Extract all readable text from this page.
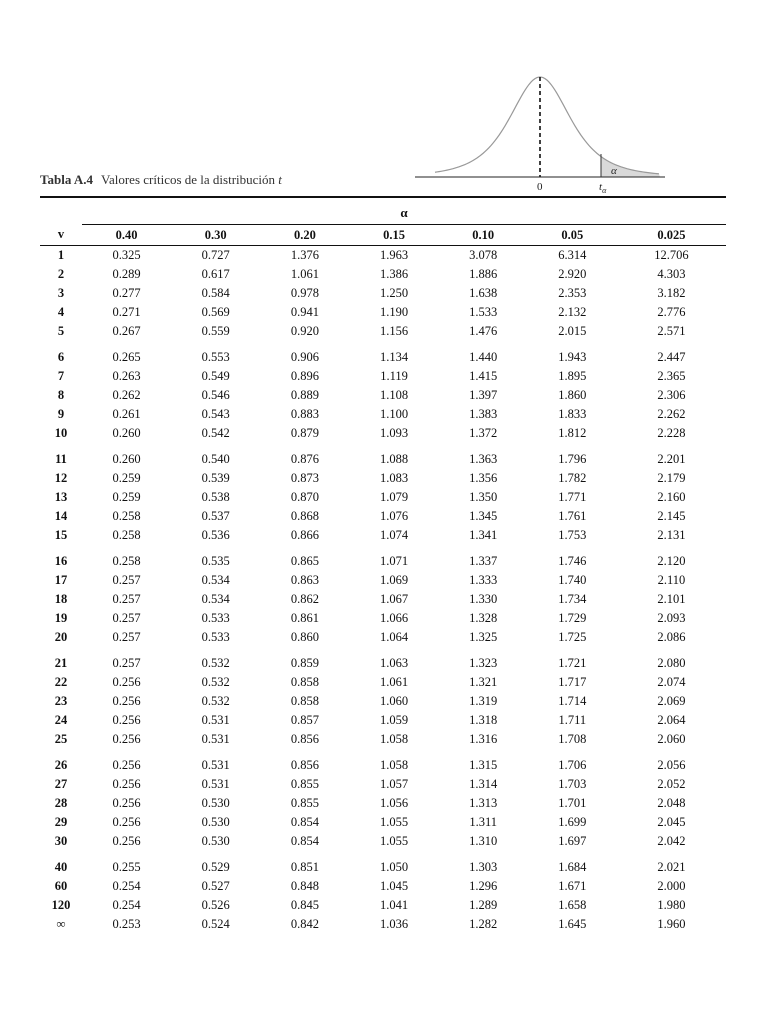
α
0	$t_\alpha$
Tabla A.4 Valores críticos de la distribución t

	α						
v	0.40	0.30	0.20	0.15	0.10	0.05	0.025
1	0.325	0.727	1.376	1.963	3.078	6.314	12.706
2	0.289	0.617	1.061	1.386	1.886	2.920	4.303
3	0.277	0.584	0.978	1.250	1.638	2.353	3.182
4	0.271	0.569	0.941	1.190	1.533	2.132	2.776
5	0.267	0.559	0.920	1.156	1.476	2.015	2.571
6	0.265	0.553	0.906	1.134	1.440	1.943	2.447
7	0.263	0.549	0.896	1.119	1.415	1.895	2.365
8	0.262	0.546	0.889	1.108	1.397	1.860	2.306
9	0.261	0.543	0.883	1.100	1.383	1.833	2.262
10	0.260	0.542	0.879	1.093	1.372	1.812	2.228
11	0.260	0.540	0.876	1.088	1.363	1.796	2.201
12	0.259	0.539	0.873	1.083	1.356	1.782	2.179
13	0.259	0.538	0.870	1.079	1.350	1.771	2.160
14	0.258	0.537	0.868	1.076	1.345	1.761	2.145
15	0.258	0.536	0.866	1.074	1.341	1.753	2.131
16	0.258	0.535	0.865	1.071	1.337	1.746	2.120
17	0.257	0.534	0.863	1.069	1.333	1.740	2.110
18	0.257	0.534	0.862	1.067	1.330	1.734	2.101
19	0.257	0.533	0.861	1.066	1.328	1.729	2.093
20	0.257	0.533	0.860	1.064	1.325	1.725	2.086
21	0.257	0.532	0.859	1.063	1.323	1.721	2.080
22	0.256	0.532	0.858	1.061	1.321	1.717	2.074
23	0.256	0.532	0.858	1.060	1.319	1.714	2.069
24	0.256	0.531	0.857	1.059	1.318	1.711	2.064
25	0.256	0.531	0.856	1.058	1.316	1.708	2.060
26	0.256	0.531	0.856	1.058	1.315	1.706	2.056
27	0.256	0.531	0.855	1.057	1.314	1.703	2.052
28	0.256	0.530	0.855	1.056	1.313	1.701	2.048
29	0.256	0.530	0.854	1.055	1.311	1.699	2.045
30	0.256	0.530	0.854	1.055	1.310	1.697	2.042
40	0.255	0.529	0.851	1.050	1.303	1.684	2.021
60	0.254	0.527	0.848	1.045	1.296	1.671	2.000
120	0.254	0.526	0.845	1.041	1.289	1.658	1.980
∞	0.253	0.524	0.842	1.036	1.282	1.645	1.960
